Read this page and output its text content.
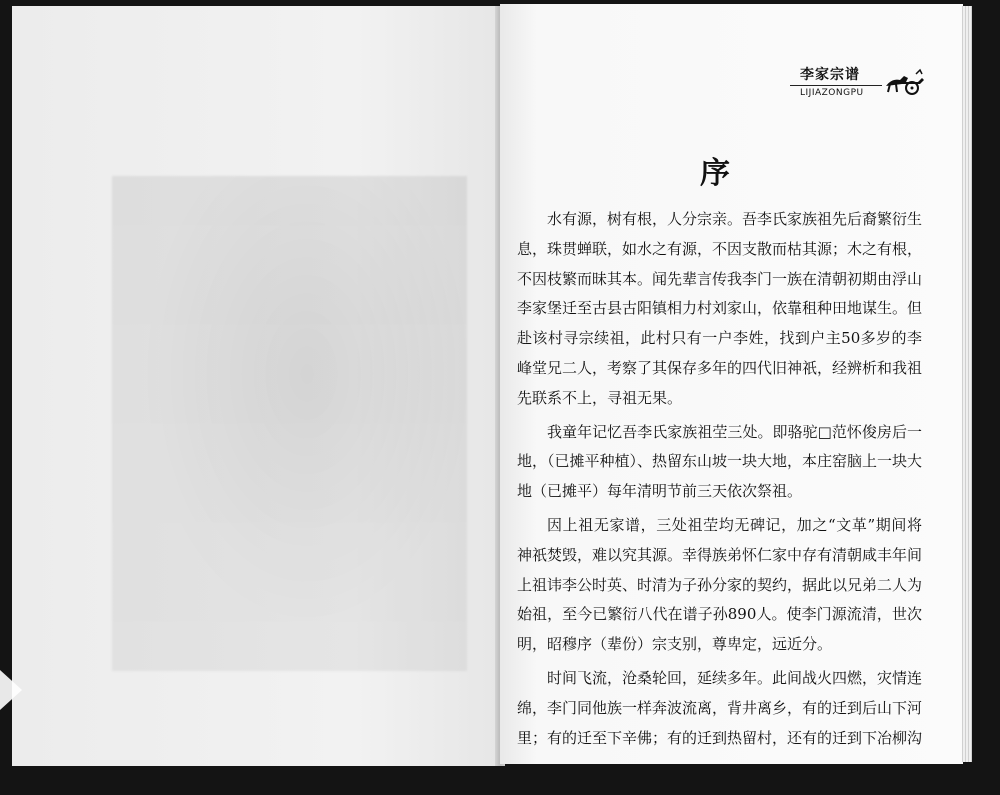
李家宗谱
LIJIAZONGPU
序

水有源，树有根，人分宗亲。吾李氏家族祖先后裔繁衍生息，珠贯蝉联，如水之有源，不因支散而枯其源；木之有根，不因枝繁而昧其本。闻先辈言传我李门一族在清朝初期由浮山李家堡迁至古县古阳镇相力村刘家山，依靠租种田地谋生。但赴该村寻宗续祖，此村只有一户李姓，找到户主50多岁的李峰堂兄二人，考察了其保存多年的四代旧神祇，经辨析和我祖先联系不上，寻祖无果。

我童年记忆吾李氏家族祖茔三处。即骆驼□范怀俊房后一地，（已摊平种植）、热留东山坡一块大地，本庄窑脑上一块大地（已摊平）每年清明节前三天依次祭祖。

因上祖无家谱，三处祖茔均无碑记，加之“文革”期间将神祇焚毁，难以究其源。幸得族弟怀仁家中存有清朝咸丰年间上祖讳李公时英、时清为子孙分家的契约，据此以兄弟二人为始祖，至今已繁衍八代在谱子孙890人。使李门源流清，世次明，昭穆序（辈份）宗支别，尊卑定，远近分。

时间飞流，沧桑轮回，延续多年。此间战火四燃，灾情连绵，李门同他族一样奔波流离，背井离乡，有的迁到后山下河里；有的迁至下辛佛；有的迁到热留村，还有的迁到下冶柳沟
